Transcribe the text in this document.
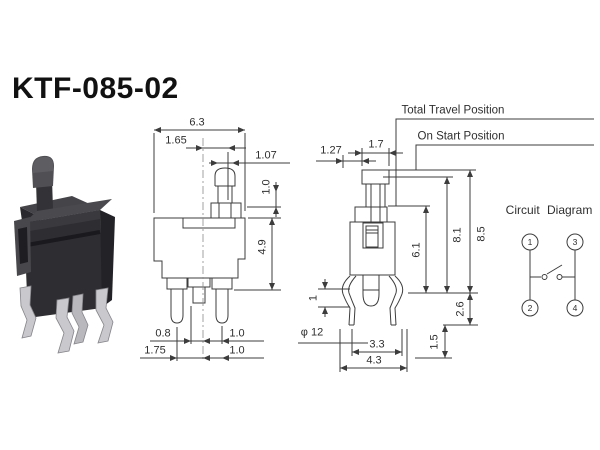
KTF-085-02
6.3
1.65
1.07
1.0
4.9
0.8	1.0
1.75	1.0
1.27 1.7
Total Travel Position
On Start Position
6.1
8.1 8.5
1
φ 12
3.3
4.3
2.6
1.5
Circuit Diagram
1
2
3
4
